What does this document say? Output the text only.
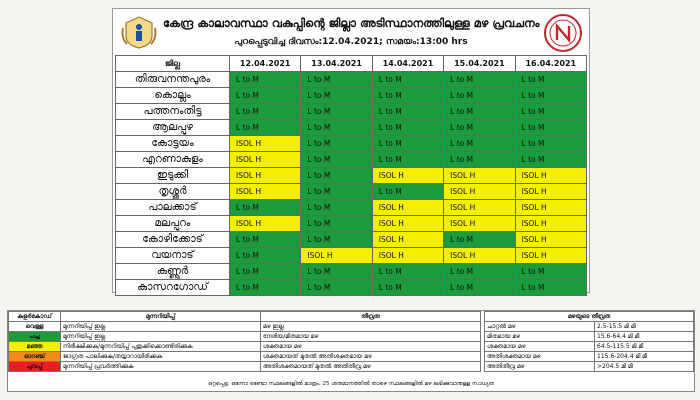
കേന്ദ്ര കാലാവസ്ഥാ വകുപ്പിന്റെ ജില്ലാ അടിസ്ഥാനത്തിലുള്ള മഴ പ്രവചനം
പുറപ്പെടുവിച്ച ദിവസം:12.04.2021; സമയം:13:00 hrs
ജില്ല	12.04.2021	13.04.2021	14.04.2021	15.04.2021	16.04.2021
തിരുവനന്തപുരം	L to M	L to M	L to M	L to M	L to M
കൊല്ലം	L to M	L to M	L to M	L to M	L to M
പത്തനംതിട്ട	L to M	L to M	L to M	L to M	L to M
ആലപ്പുഴ	L to M	L to M	L to M	L to M	L to M
കോട്ടയം	ISOL H	L to M	L to M	L to M	L to M
എറണാകുളം	ISOL H	L to M	L to M	L to M	L to M
ഇടുക്കി	ISOL H	L to M	ISOL H	ISOL H	ISOL H
തൃശ്ശൂർ	ISOL H	L to M	L to M	ISOL H	ISOL H
പാലക്കാട്	L to M	L to M	ISOL H	ISOL H	ISOL H
മലപ്പുറം	ISOL H	L to M	ISOL H	ISOL H	ISOL H
കോഴിക്കോട്	L to M	L to M	ISOL H	L to M	ISOL H
വയനാട്	L to M	ISOL H	ISOL H	ISOL H	ISOL H
കണ്ണൂർ	L to M	L to M	L to M	L to M	L to M
കാസറഗോഡ്	L to M	L to M	L to M	L to M	L to M
കളർകോഡ്	മുന്നറിയിപ്പ്	തീവ്രത
വെള്ള	മുന്നറിയിപ്പ് ഇല്ല	മഴ ഇല്ല
പച്ച	മുന്നറിയിപ്പ് ഇല്ല	നേരിയ/മിതമായ മഴ
മഞ്ഞ	നിരീക്ഷിക്കുക/മുന്നറിയിപ്പ് പുതുക്കിക്കൊണ്ടിരിക്കുക	ശക്തമായ മഴ
ഓറഞ്ച്	ജാഗ്രത പാലിക്കുക/തയ്യാറായിരിക്കുക	ശക്തമായത് മുതൽ അതിശക്തമായ മഴ
ചുവപ്പ്	മുന്നറിയിപ്പ് പ്രവർത്തിക്കുക	അതിശക്തമായത് മുതൽ അതിതീവ്ര മഴ
മഴയുടെ തീവ്രത	
ചാറ്റൽ മഴ	2.5-15.5 മി മീ
മിതമായ മഴ	15.6-64.4 മി മീ
ശക്തമായ മഴ	64.5-115.5 മി മീ
അതിശക്തമായ മഴ	115.6-204.4 മി മീ
അതിതീവ്ര മഴ	>204.5 മി മീ
ഒറ്റപ്പെട്ട: ഒന്നോ രണ്ടോ സ്ഥലങ്ങളിൽ മാത്രം, 25 ശതമാനത്തിൽ താഴെ സ്ഥലങ്ങളിൽ മഴ ലഭിക്കുവാനുള്ള സാധ്യത
